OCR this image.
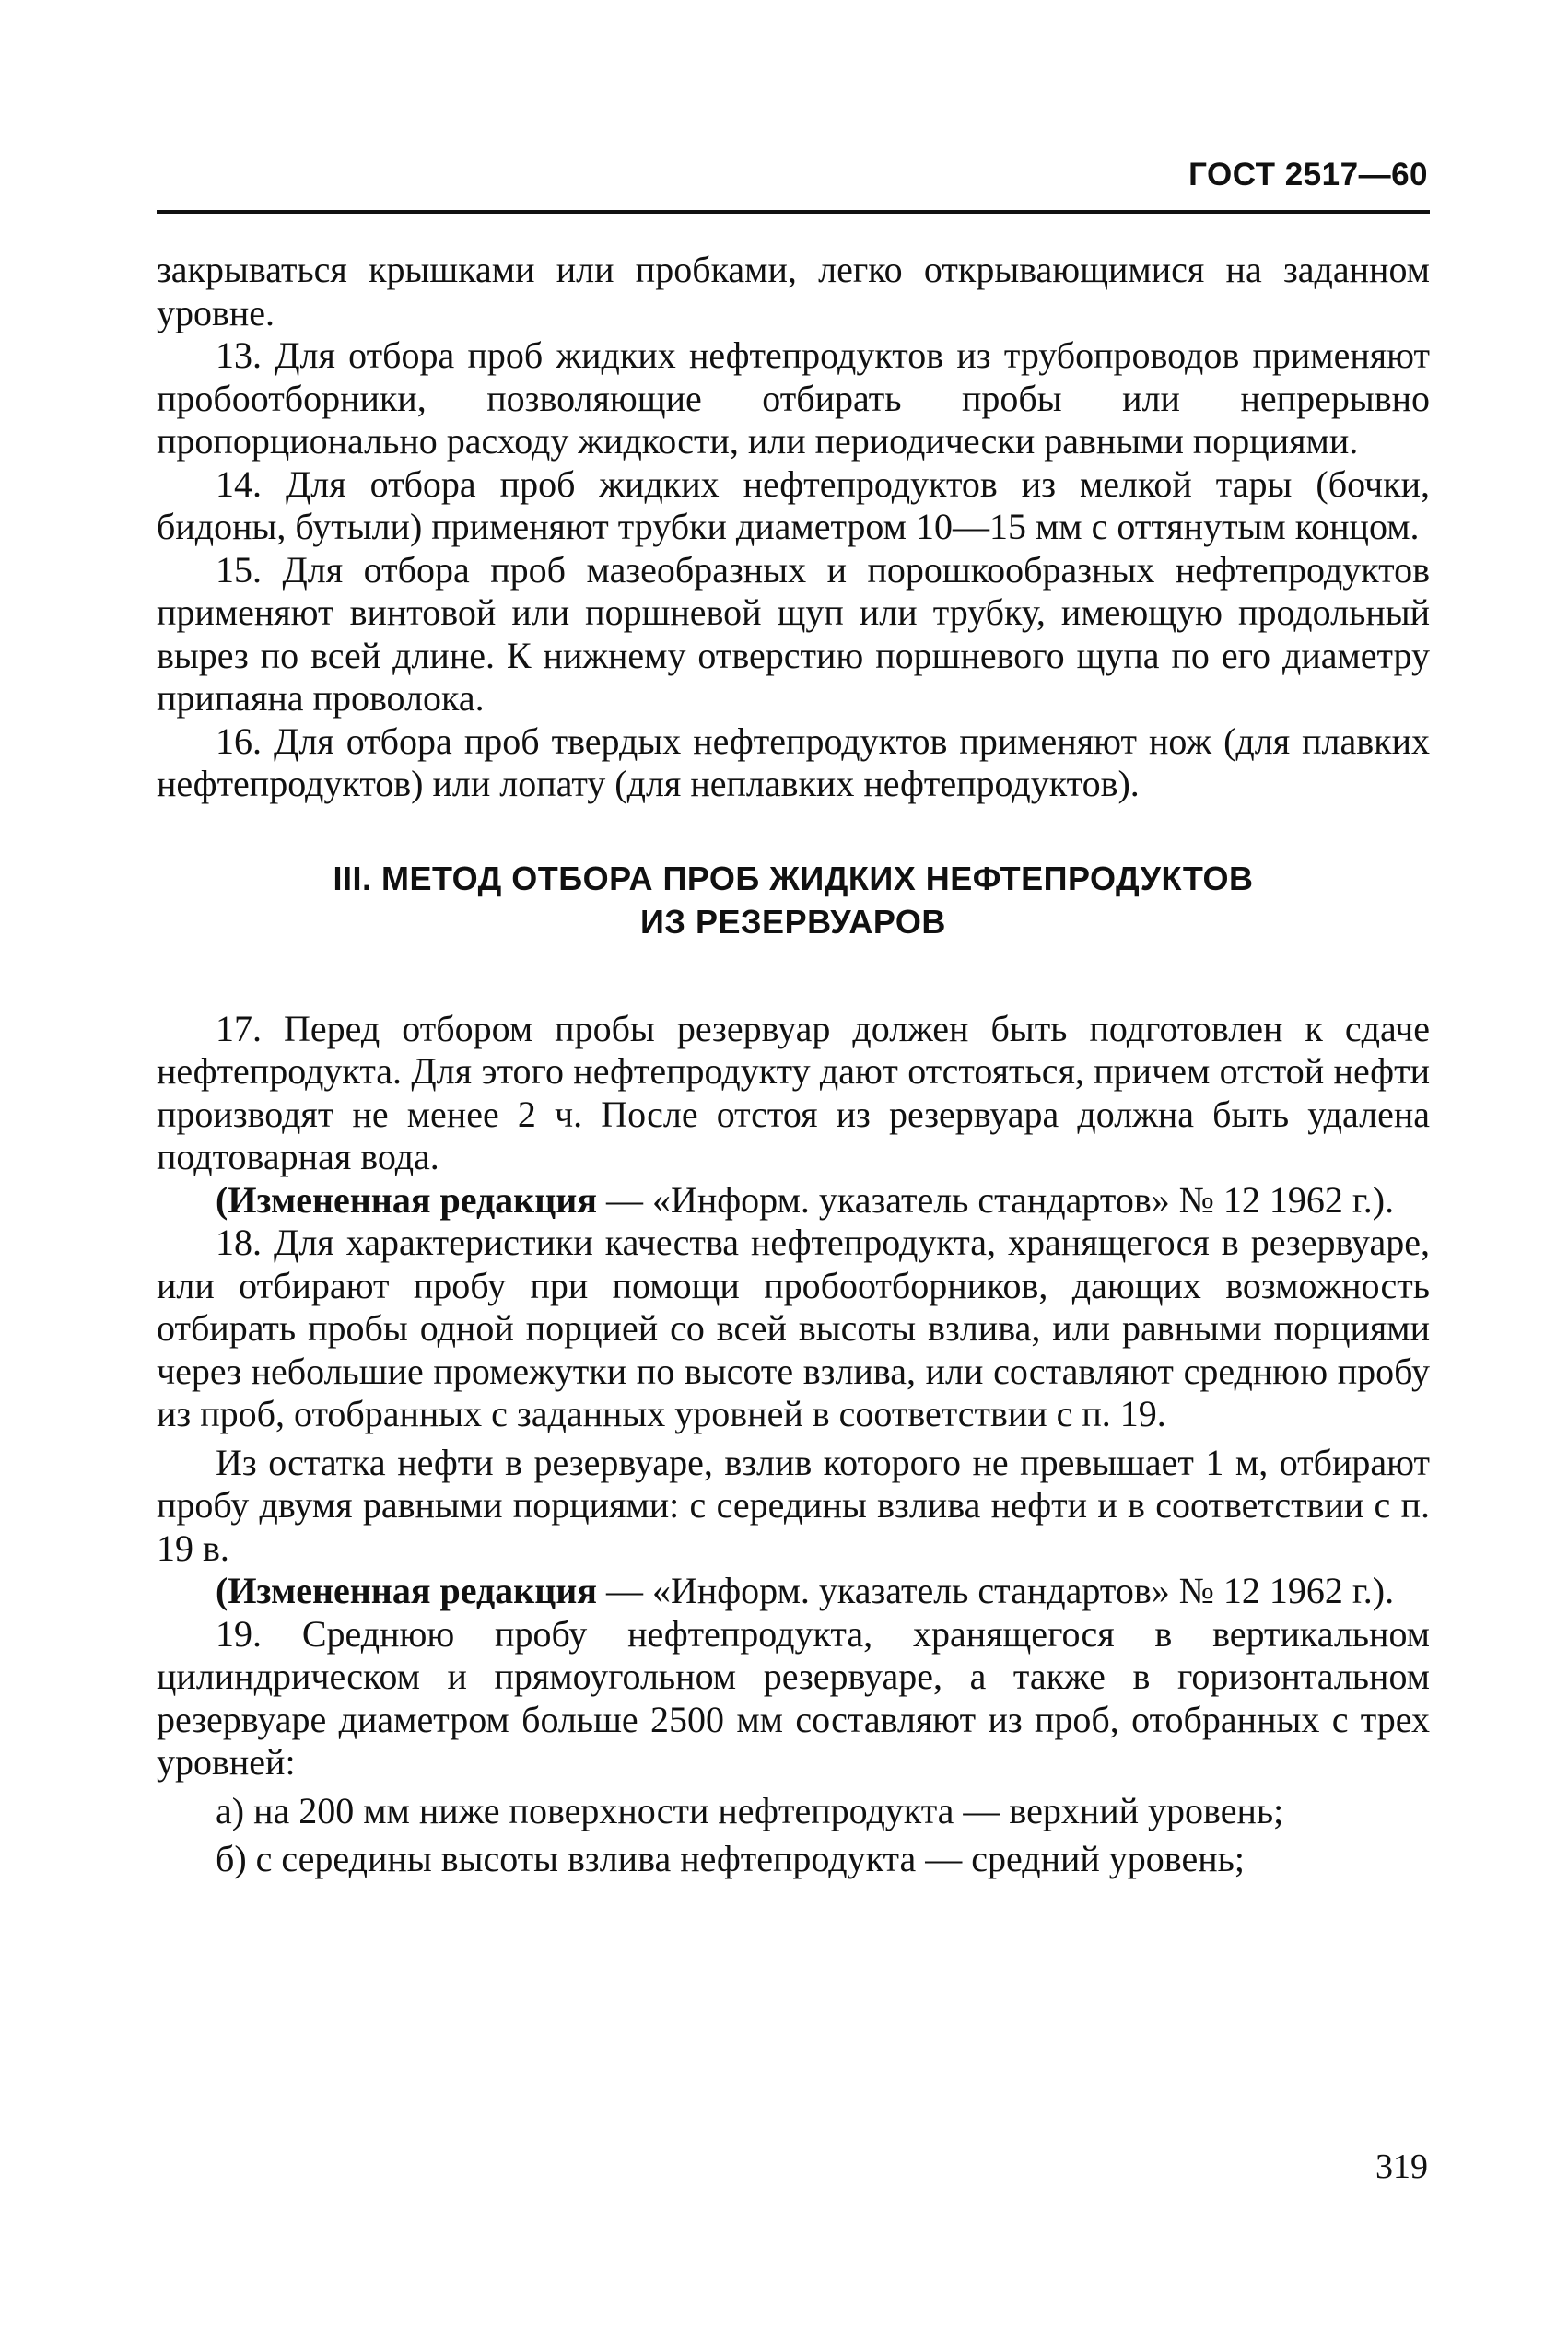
ГОСТ 2517—60

закрываться крышками или пробками, легко открывающимися на заданном уровне.

13. Для отбора проб жидких нефтепродуктов из трубопроводов применяют пробоотборники, позволяющие отбирать пробы или непрерывно пропорционально расходу жидкости, или периодически равными порциями.

14. Для отбора проб жидких нефтепродуктов из мелкой тары (бочки, бидоны, бутыли) применяют трубки диаметром 10—15 мм с оттянутым концом.

15. Для отбора проб мазеобразных и порошкообразных нефтепродуктов применяют винтовой или поршневой щуп или трубку, имеющую продольный вырез по всей длине. К нижнему отверстию поршневого щупа по его диаметру припаяна проволока.

16. Для отбора проб твердых нефтепродуктов применяют нож (для плавких нефтепродуктов) или лопату (для неплавких нефтепродуктов).

III. МЕТОД ОТБОРА ПРОБ ЖИДКИХ НЕФТЕПРОДУКТОВ
ИЗ РЕЗЕРВУАРОВ

17. Перед отбором пробы резервуар должен быть подготовлен к сдаче нефтепродукта. Для этого нефтепродукту дают отстояться, причем отстой нефти производят не менее 2 ч. После отстоя из резервуара должна быть удалена подтоварная вода.

(Измененная редакция — «Информ. указатель стандартов» № 12 1962 г.).

18. Для характеристики качества нефтепродукта, хранящегося в резервуаре, или отбирают пробу при помощи пробоотборников, дающих возможность отбирать пробы одной порцией со всей высоты взлива, или равными порциями через небольшие промежутки по высоте взлива, или составляют среднюю пробу из проб, отобранных с заданных уровней в соответствии с п. 19.

Из остатка нефти в резервуаре, взлив которого не превышает 1 м, отбирают пробу двумя равными порциями: с середины взлива нефти и в соответствии с п. 19 в.

(Измененная редакция — «Информ. указатель стандартов» № 12 1962 г.).

19. Среднюю пробу нефтепродукта, хранящегося в вертикальном цилиндрическом и прямоугольном резервуаре, а также в горизонтальном резервуаре диаметром больше 2500 мм составляют из проб, отобранных с трех уровней:

а) на 200 мм ниже поверхности нефтепродукта — верхний уровень;

б) с середины высоты взлива нефтепродукта — средний уровень;

319
